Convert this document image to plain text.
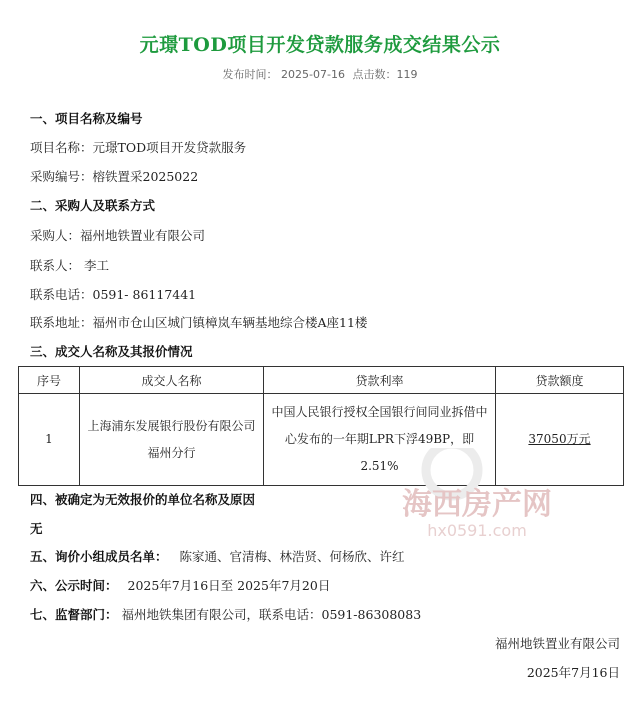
元璟TOD项目开发贷款服务成交结果公示
发布时间： 2025-07-16 点击数：119
一、项目名称及编号
项目名称：元璟TOD项目开发贷款服务
采购编号：榕铁置采2025022
二、采购人及联系方式
采购人：福州地铁置业有限公司
联系人： 李工
联系电话：0591- 86117441
联系地址：福州市仓山区城门镇樟岚车辆基地综合楼A座11楼
三、成交人名称及其报价情况
序号	成交人名称	贷款利率	贷款额度
1	上海浦东发展银行股份有限公司福州分行	中国人民银行授权全国银行间同业拆借中心发布的一年期LPR下浮49BP，即2.51%	37050万元
海西房产网
hx0591.com
四、被确定为无效报价的单位名称及原因
无
五、询价小组成员名单： 陈家通、官清梅、林浩贤、何杨欣、许红
六、公示时间： 2025年7月16日至 2025年7月20日
七、监督部门： 福州地铁集团有限公司，联系电话：0591-86308083
福州地铁置业有限公司
2025年7月16日
